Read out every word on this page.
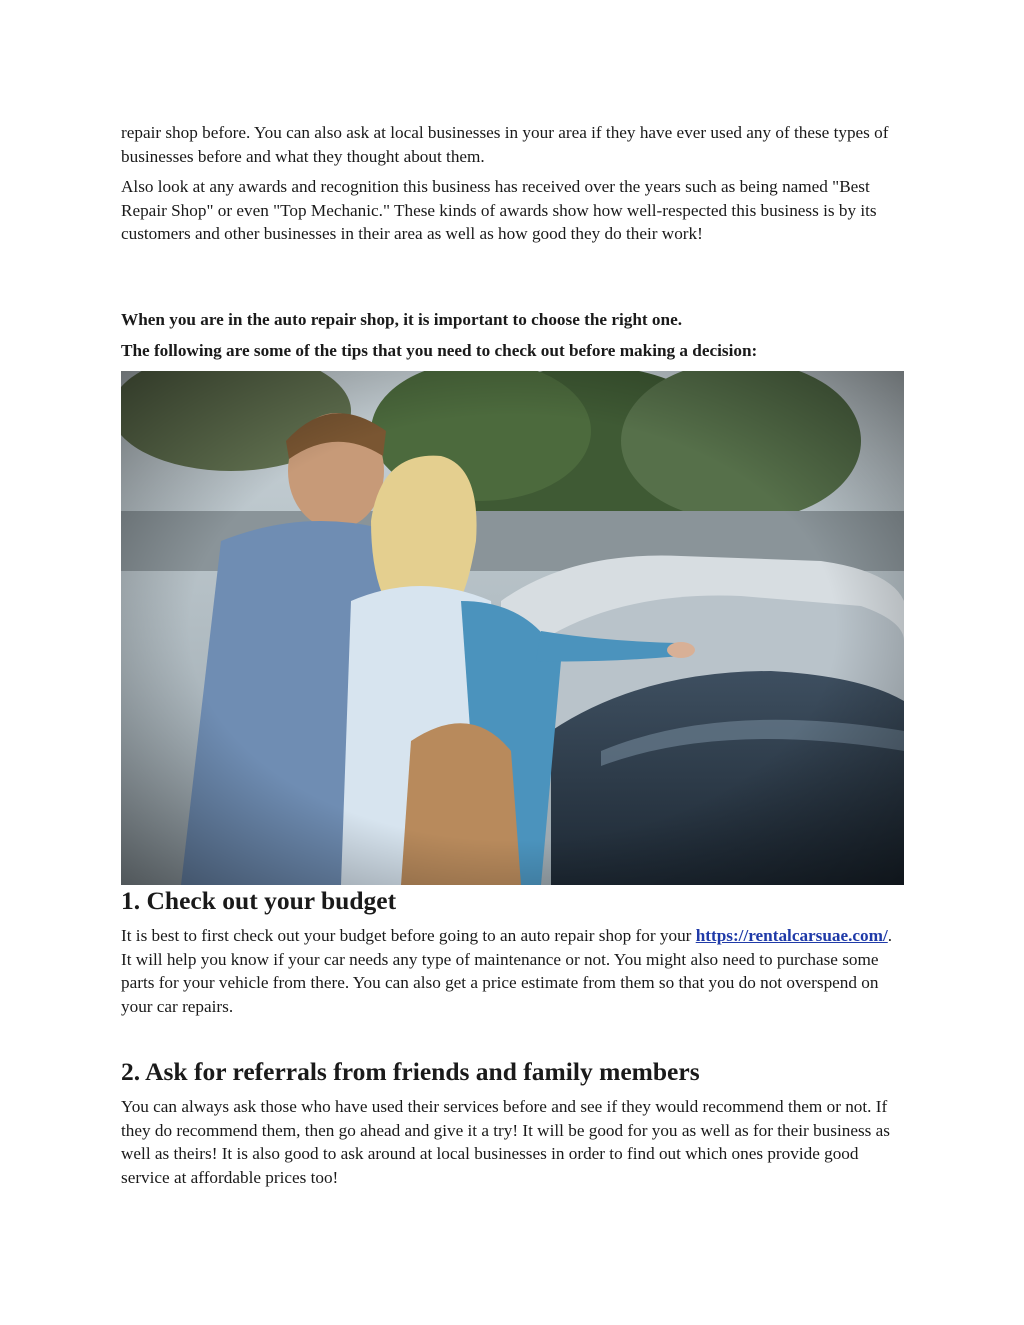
repair shop before. You can also ask at local businesses in your area if they have ever used any of these types of businesses before and what they thought about them.

Also look at any awards and recognition this business has received over the years such as being named "Best Repair Shop" or even "Top Mechanic." These kinds of awards show how well-respected this business is by its customers and other businesses in their area as well as how good they do their work!

When you are in the auto repair shop, it is important to choose the right one.

The following are some of the tips that you need to check out before making a decision:

1. Check out your budget

It is best to first check out your budget before going to an auto repair shop for your https://rentalcarsuae.com/. It will help you know if your car needs any type of maintenance or not. You might also need to purchase some parts for your vehicle from there. You can also get a price estimate from them so that you do not overspend on your car repairs.

2. Ask for referrals from friends and family members

You can always ask those who have used their services before and see if they would recommend them or not. If they do recommend them, then go ahead and give it a try! It will be good for you as well as for their business as well as theirs! It is also good to ask around at local businesses in order to find out which ones provide good service at affordable prices too!
